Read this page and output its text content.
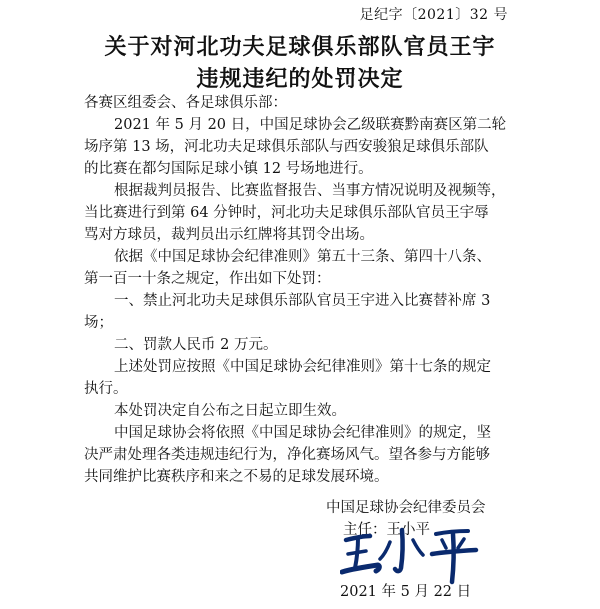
足纪字〔2021〕32 号
关于对河北功夫足球俱乐部队官员王宇
违规违纪的处罚决定
各赛区组委会、各足球俱乐部：
2021 年 5 月 20 日，中国足球协会乙级联赛黔南赛区第二轮
场序第 13 场，河北功夫足球俱乐部队与西安骏狼足球俱乐部队
的比赛在都匀国际足球小镇 12 号场地进行。
根据裁判员报告、比赛监督报告、当事方情况说明及视频等，
当比赛进行到第 64 分钟时，河北功夫足球俱乐部队官员王宇辱
骂对方球员，裁判员出示红牌将其罚令出场。
依据《中国足球协会纪律准则》第五十三条、第四十八条、
第一百一十条之规定，作出如下处罚：
一、禁止河北功夫足球俱乐部队官员王宇进入比赛替补席 3
场；
二、罚款人民币 2 万元。
上述处罚应按照《中国足球协会纪律准则》第十七条的规定
执行。
本处罚决定自公布之日起立即生效。
中国足球协会将依照《中国足球协会纪律准则》的规定，坚
决严肃处理各类违规违纪行为，净化赛场风气。望各参与方能够
共同维护比赛秩序和来之不易的足球发展环境。
中国足球协会纪律委员会
主任：王小平
2021 年 5 月 22 日
